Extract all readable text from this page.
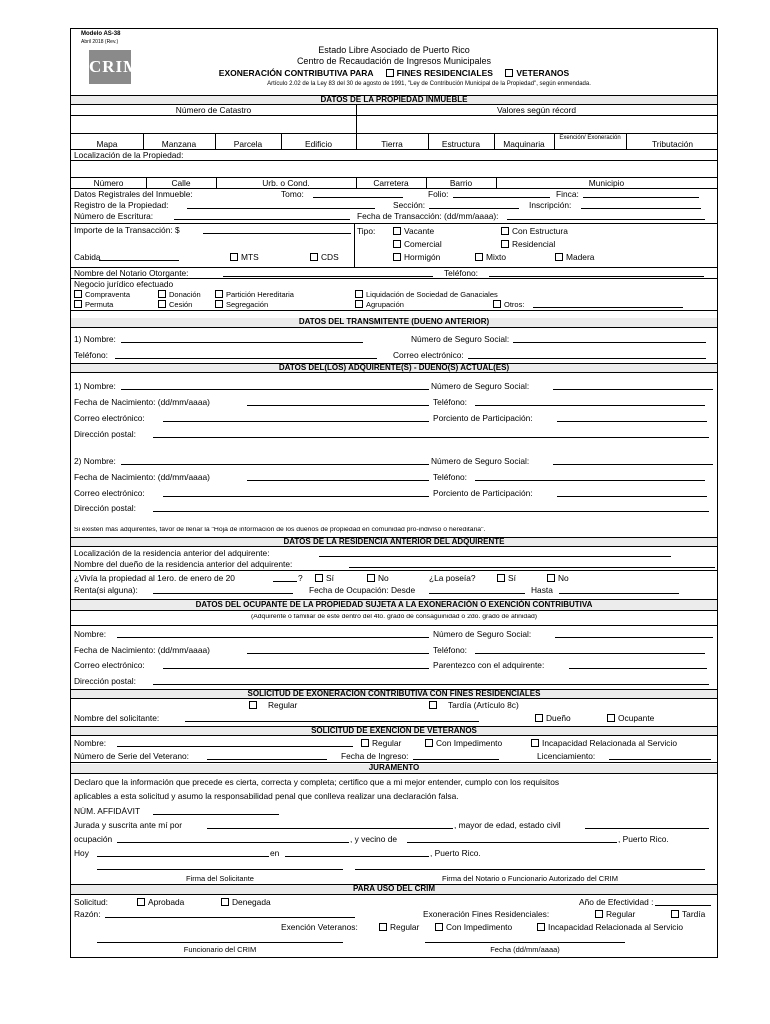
Modelo AS-38
Abril 2018 (Rev.)
CRIM
Estado Libre Asociado de Puerto Rico
Centro de Recaudación de Ingresos Municipales
EXONERACIÓN CONTRIBUTIVA PARA	FINES RESIDENCIALES	VETERANOS
Artículo 2.02 de la Ley 83 del 30 de agosto de 1991, "Ley de Contribución Municipal de la Propiedad", según enmendada.
DATOS DE LA PROPIEDAD INMUEBLE
Número de Catastro	Valores según récord
Mapa	Manzana	Parcela	Edificio	Tierra	Estructura	Maquinaria
Exención/ Exoneración
Tributación
Localización de la Propiedad:
Número	Calle	Urb. o Cond.	Carretera	Barrio	Municipio
Datos Registrales del Inmueble:	Tomo:	Folio:	Finca:
Registro de la Propiedad:	Sección:	Inscripción:
Número de Escritura:	Fecha de Transacción: (dd/mm/aaaa):
Importe de la Transacción: $	Tipo:	Vacante	Con Estructura
Comercial	Residencial
Cabida	MTS	CDS	Hormigón	Mixto	Madera
Nombre del Notario Otorgante:	Teléfono:
Negocio jurídico efectuado
Compraventa	Donación	Partición Hereditaria	Liquidación de Sociedad de Ganaciales
Permuta	Cesión	Segregación	Agrupación	Otros:
DATOS DEL TRANSMITENTE (DUEÑO ANTERIOR)
1) Nombre:	Número de Seguro Social:
Teléfono:	Correo electrónico:
DATOS DEL(LOS) ADQUIRENTE(S) - DUEÑO(S) ACTUAL(ES)
1) Nombre:	Número de Seguro Social:
Fecha de Nacimiento: (dd/mm/aaaa)	Teléfono:
Correo electrónico:	Porciento de Participación:
Dirección postal:
2) Nombre:	Número de Seguro Social:
Fecha de Nacimiento: (dd/mm/aaaa)	Teléfono:
Correo electrónico:	Porciento de Participación:
Dirección postal:
Si existen más adquirentes, favor de llenar la "Hoja de información de los dueños de propiedad en comunidad pro-indiviso o hereditaria".
DATOS DE LA RESIDENCIA ANTERIOR DEL ADQUIRENTE
Localización de la residencia anterior del adquirente:
Nombre del dueño de la residencia anterior del adquirente:
¿Vivía la propiedad al 1ero. de enero de 20	?	Sí	No	¿La poseía?	Sí	No
Renta(si alguna):	Fecha de Ocupación: Desde	Hasta
DATOS DEL OCUPANTE DE LA PROPIEDAD SUJETA A LA EXONERACIÓN O EXENCIÓN CONTRIBUTIVA
(Adquirente o familiar de éste dentro del 4to. grado de consaguinidad o 2do. grado de afinidad)
Nombre:	Número de Seguro Social:
Fecha de Nacimiento: (dd/mm/aaaa)	Teléfono:
Correo electrónico:	Parentezco con el adquirente:
Dirección postal:
SOLICITUD DE EXONERACIÓN CONTRIBUTIVA CON FINES RESIDENCIALES
Regular	Tardía (Artículo 8c)
Nombre del solicitante:	Dueño	Ocupante
SOLICITUD DE EXENCIÓN DE VETERANOS
Nombre:	Regular	Con Impedimento	Incapacidad Relacionada al Servicio
Número de Serie del Veterano:	Fecha de Ingreso:	Licenciamiento:
JURAMENTO
Declaro que la información que precede es cierta, correcta y completa; certifico que a mi mejor entender, cumplo con los requisitos
aplicables a esta solicitud y asumo la responsabilidad penal que conlleva realizar una declaración falsa.
NÚM. AFFIDÁVIT
Jurada y suscrita ante mí por	, mayor de edad, estado civil
ocupación	, y vecino de	, Puerto Rico.
Hoy	en	, Puerto Rico.
Firma del Solicitante	Firma del Notario o Funcionario Autorizado del CRIM
PARA USO DEL CRIM
Solicitud:	Aprobada	Denegada	Año de Efectividad :
Razón:	Exoneración Fines Residenciales:	Regular	Tardía
Exención Veteranos:	Regular	Con Impedimento	Incapacidad Relacionada al Servicio
Funcionario del CRIM	Fecha (dd/mm/aaaa)
